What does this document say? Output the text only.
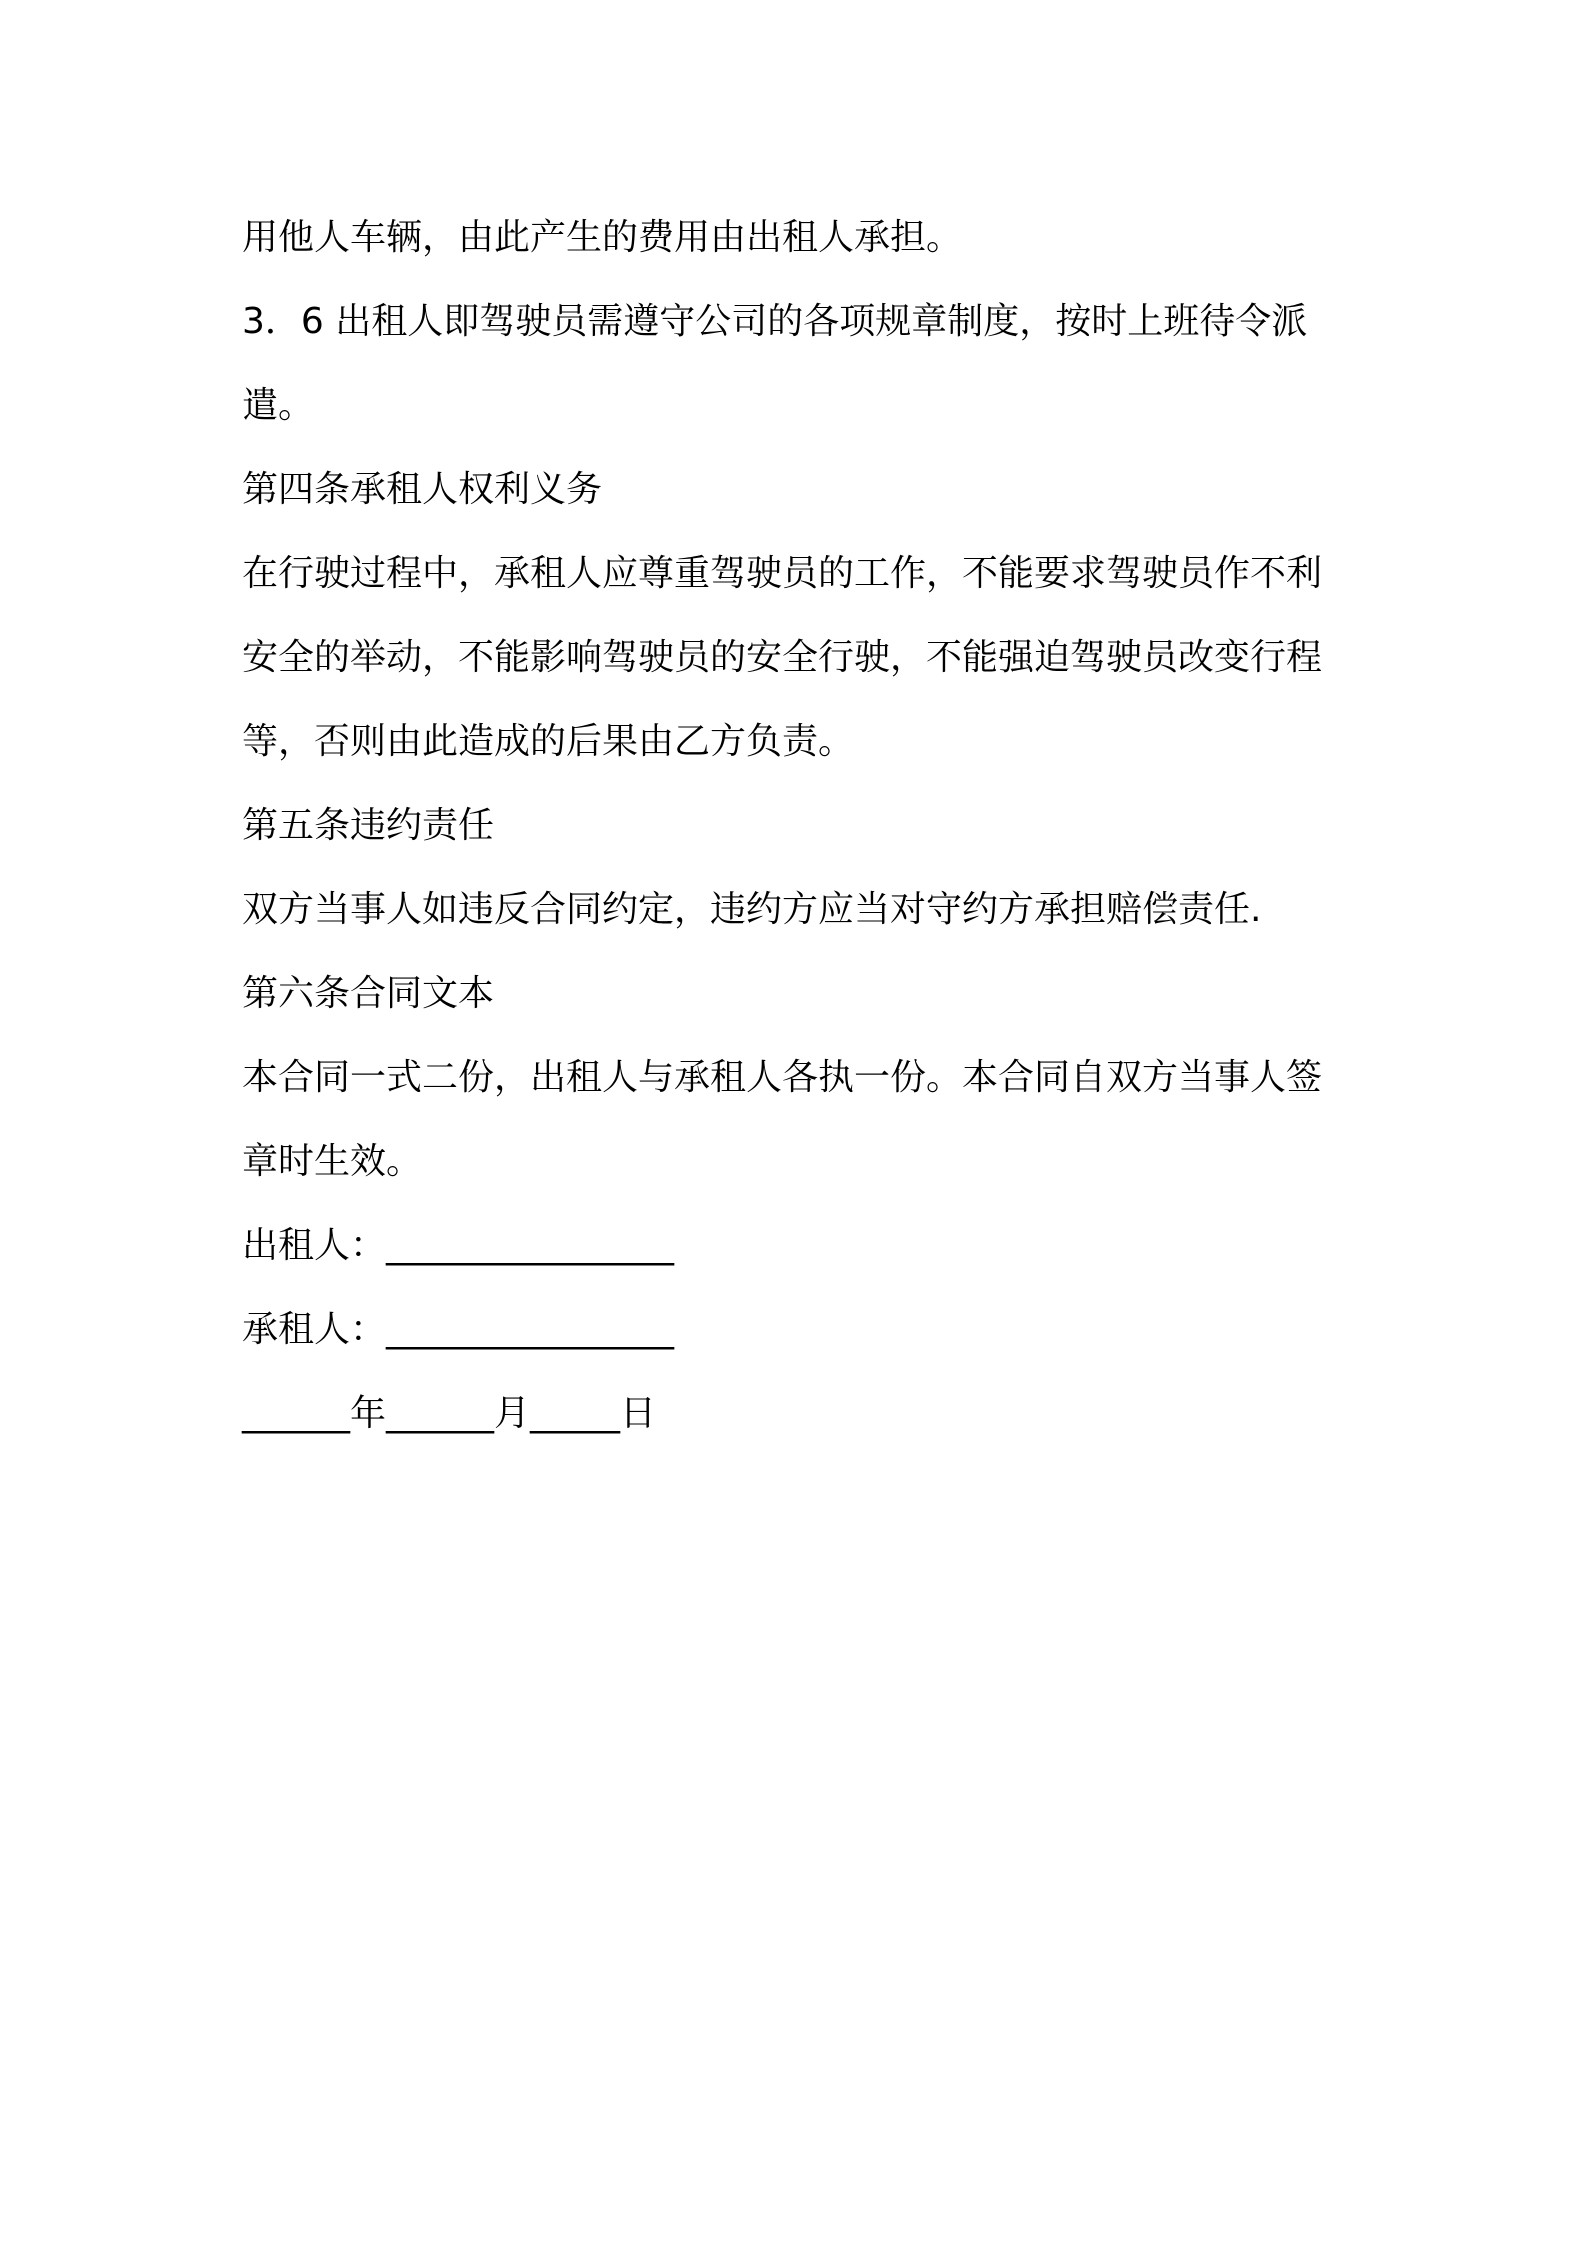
用他人车辆，由此产生的费用由出租人承担。
3．6 出租人即驾驶员需遵守公司的各项规章制度，按时上班待令派
遣。
第四条承租人权利义务
在行驶过程中，承租人应尊重驾驶员的工作，不能要求驾驶员作不利
安全的举动，不能影响驾驶员的安全行驶，不能强迫驾驶员改变行程
等，否则由此造成的后果由乙方负责。
第五条违约责任
双方当事人如违反合同约定，违约方应当对守约方承担赔偿责任.
第六条合同文本
本合同一式二份，出租人与承租人各执一份。本合同自双方当事人签
章时生效。
出租人：________________
承租人：________________
______年______月_____日
